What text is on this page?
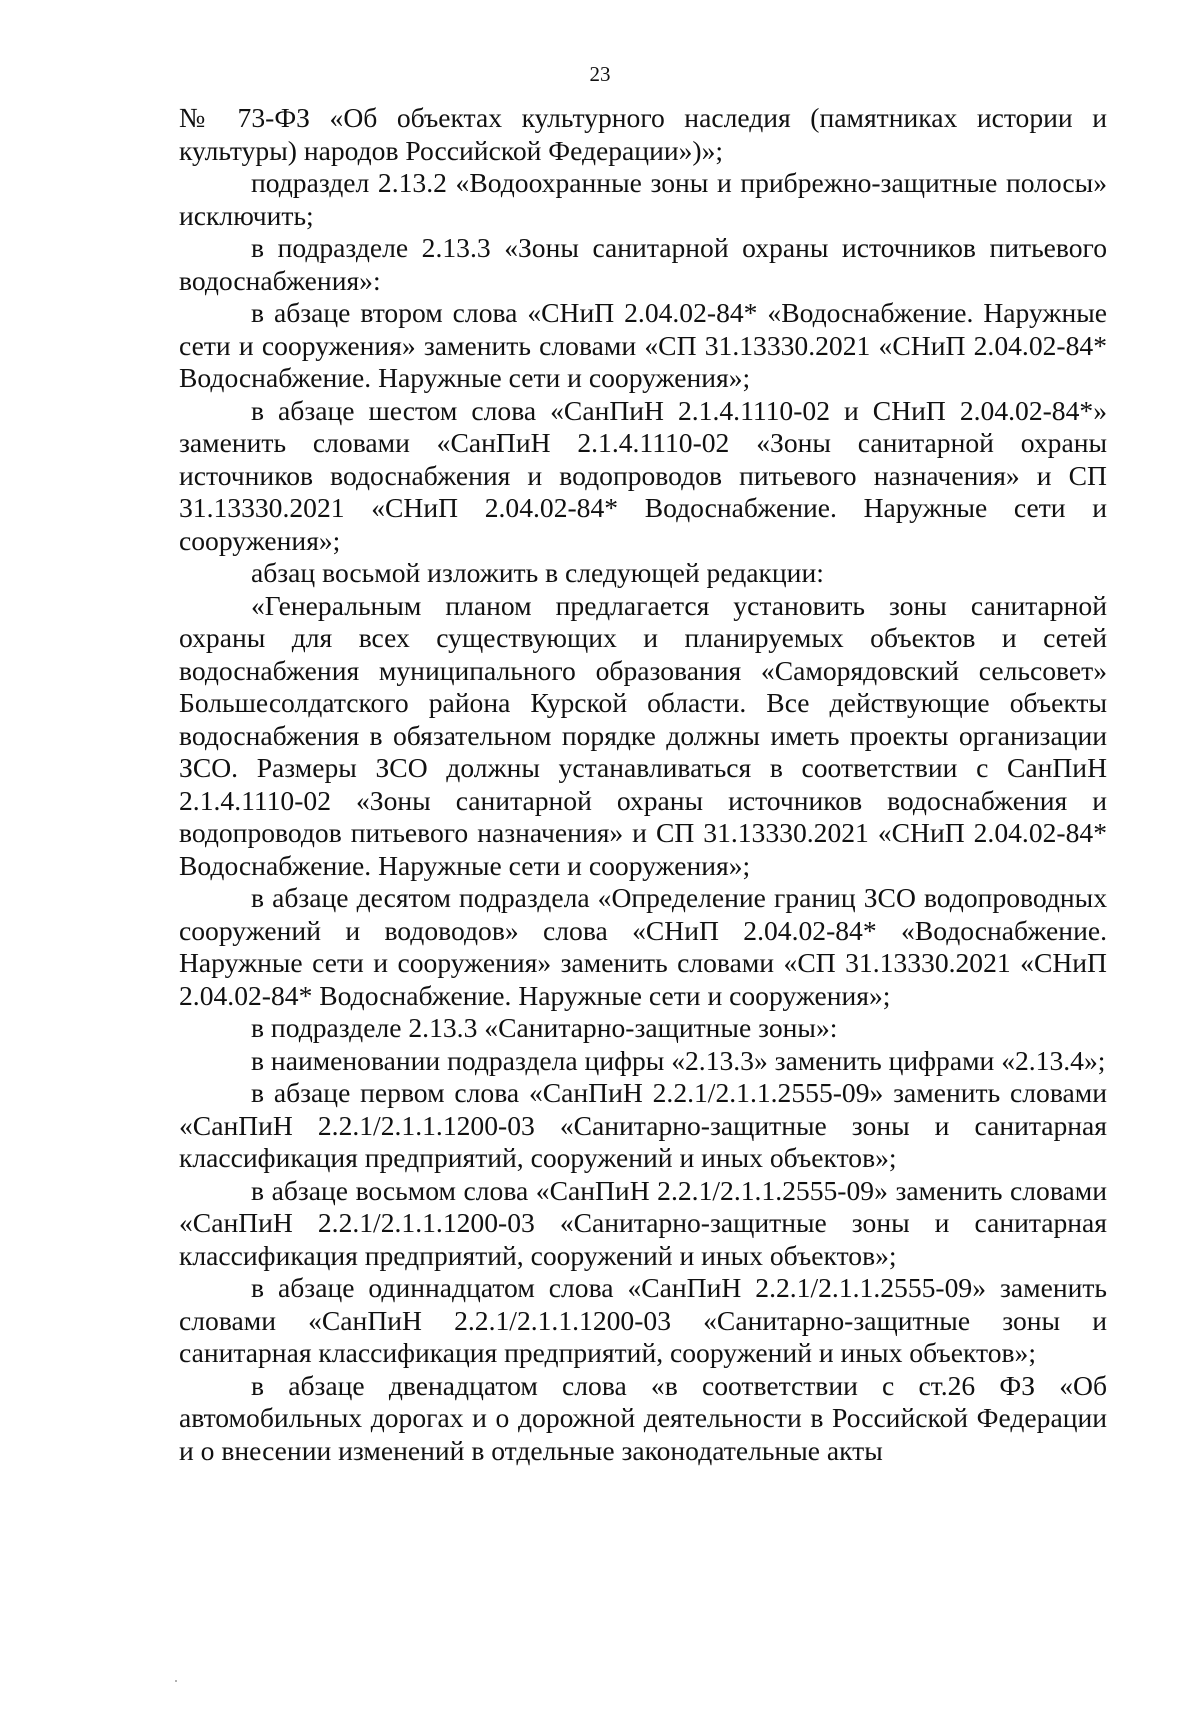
23

№ 73-ФЗ «Об объектах культурного наследия (памятниках истории и культуры) народов Российской Федерации»)»;

подраздел 2.13.2 «Водоохранные зоны и прибрежно-защитные полосы» исключить;

в подразделе 2.13.3 «Зоны санитарной охраны источников питьевого водоснабжения»:

в абзаце втором слова «СНиП 2.04.02-84* «Водоснабжение. Наружные сети и сооружения» заменить словами «СП 31.13330.2021 «СНиП 2.04.02-84* Водоснабжение. Наружные сети и сооружения»;

в абзаце шестом слова «СанПиН 2.1.4.1110-02 и СНиП 2.04.02-84*» заменить словами «СанПиН 2.1.4.1110-02 «Зоны санитарной охраны источников водоснабжения и водопроводов питьевого назначения» и СП 31.13330.2021 «СНиП 2.04.02-84* Водоснабжение. Наружные сети и сооружения»;

абзац восьмой изложить в следующей редакции:

«Генеральным планом предлагается установить зоны санитарной охраны для всех существующих и планируемых объектов и сетей водоснабжения муниципального образования «Саморядовский сельсовет» Большесолдатского района Курской области. Все действующие объекты водоснабжения в обязательном порядке должны иметь проекты организации ЗСО. Размеры ЗСО должны устанавливаться в соответствии с СанПиН 2.1.4.1110-02 «Зоны санитарной охраны источников водоснабжения и водопроводов питьевого назначения» и СП 31.13330.2021 «СНиП 2.04.02-84* Водоснабжение. Наружные сети и сооружения»;

в абзаце десятом подраздела «Определение границ ЗСО водопроводных сооружений и водоводов» слова «СНиП 2.04.02-84* «Водоснабжение. Наружные сети и сооружения» заменить словами «СП 31.13330.2021 «СНиП 2.04.02-84* Водоснабжение. Наружные сети и сооружения»;

в подразделе 2.13.3 «Санитарно-защитные зоны»:

в наименовании подраздела цифры «2.13.3» заменить цифрами «2.13.4»;

в абзаце первом слова «СанПиН 2.2.1/2.1.1.2555-09» заменить словами «СанПиН 2.2.1/2.1.1.1200-03 «Санитарно-защитные зоны и санитарная классификация предприятий, сооружений и иных объектов»;

в абзаце восьмом слова «СанПиН 2.2.1/2.1.1.2555-09» заменить словами «СанПиН 2.2.1/2.1.1.1200-03 «Санитарно-защитные зоны и санитарная классификация предприятий, сооружений и иных объектов»;

в абзаце одиннадцатом слова «СанПиН 2.2.1/2.1.1.2555-09» заменить словами «СанПиН 2.2.1/2.1.1.1200-03 «Санитарно-защитные зоны и санитарная классификация предприятий, сооружений и иных объектов»;

в абзаце двенадцатом слова «в соответствии с ст.26 ФЗ «Об автомобильных дорогах и о дорожной деятельности в Российской Федерации и о внесении изменений в отдельные законодательные акты
